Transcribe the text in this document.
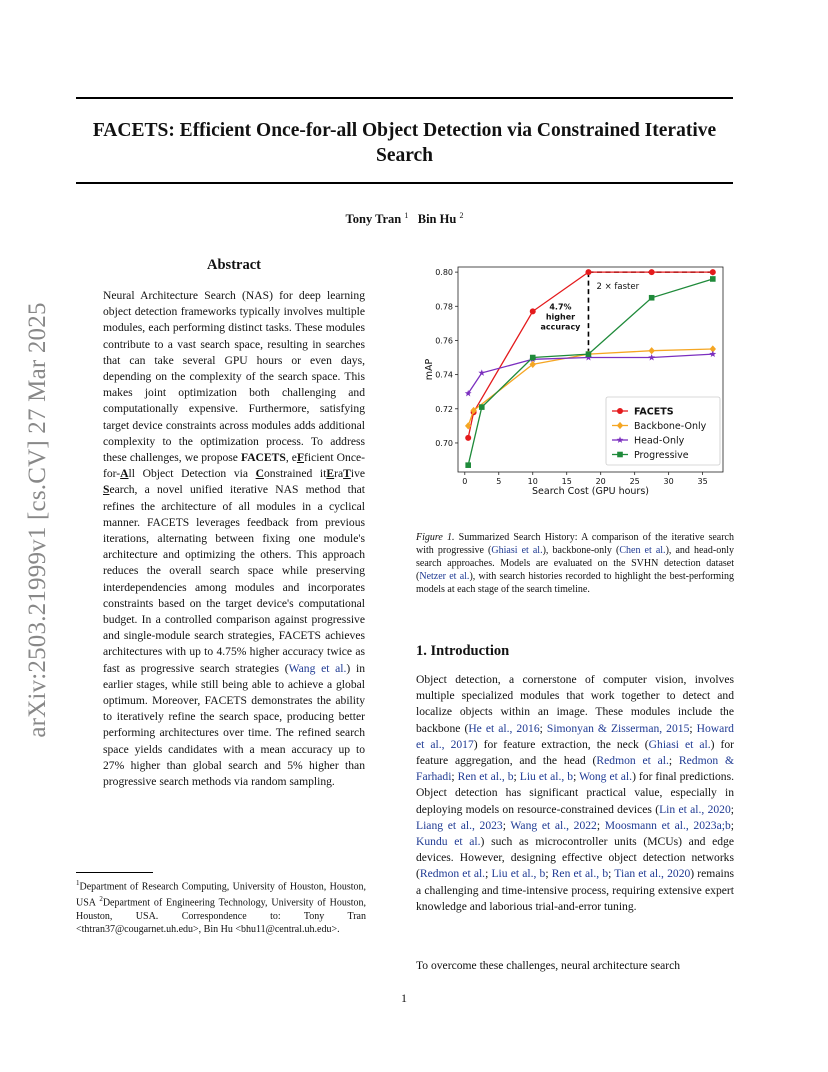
FACETS: Efficient Once-for-all Object Detection via Constrained Iterative Search
Tony Tran $^1$ Bin Hu $^2$
arXiv:2503.21999v1 [cs.CV] 27 Mar 2025
Abstract

Neural Architecture Search (NAS) for deep learning object detection frameworks typically involves multiple modules, each performing distinct tasks. These modules contribute to a vast search space, resulting in searches that can take several GPU hours or even days, depending on the complexity of the search space. This makes joint optimization both challenging and computationally expensive. Furthermore, satisfying target device constraints across modules adds additional complexity to the optimization process. To address these challenges, we propose FACETS, eFficient Once-for-All Object Detection via Constrained itEraTive Search, a novel unified iterative NAS method that refines the architecture of all modules in a cyclical manner. FACETS leverages feedback from previous iterations, alternating between fixing one module's architecture and optimizing the others. This approach reduces the overall search space while preserving interdependencies among modules and incorporates constraints based on the target device's computational budget. In a controlled comparison against progressive and single-module search strategies, FACETS achieves architectures with up to 4.75% higher accuracy twice as fast as progressive search strategies (Wang et al.) in earlier stages, while still being able to achieve a global optimum. Moreover, FACETS demonstrates the ability to iteratively refine the search space, producing better performing architectures over time. The refined search space yields candidates with a mean accuracy up to 27% higher than global search and 5% higher than progressive search methods via random sampling.

$^1$Department of Research Computing, University of Houston, Houston, USA $^2$Department of Engineering Technology, University of Houston, Houston, USA. Correspondence to: Tony Tran <thtran37@cougarnet.uh.edu>, Bin Hu <bhu11@central.uh.edu>.

0	5	10	15	20	25	30	35
0.70
0.72
0.74
0.76
0.78
0.80
Search Cost (GPU hours)
mAP
2 × faster
4.7%
higher
accuracy
FACETS
Backbone-Only
Head-Only
Progressive

Figure 1. Summarized Search History: A comparison of the iterative search with progressive (Ghiasi et al.), backbone-only (Chen et al.), and head-only search approaches. Models are evaluated on the SVHN detection dataset (Netzer et al.), with search histories recorded to highlight the best-performing models at each stage of the search timeline.

1. Introduction

Object detection, a cornerstone of computer vision, involves multiple specialized modules that work together to detect and localize objects within an image. These modules include the backbone (He et al., 2016; Simonyan & Zisserman, 2015; Howard et al., 2017) for feature extraction, the neck (Ghiasi et al.) for feature aggregation, and the head (Redmon et al.; Redmon & Farhadi; Ren et al., b; Liu et al., b; Wong et al.) for final predictions. Object detection has significant practical value, especially in deploying models on resource-constrained devices (Lin et al., 2020; Liang et al., 2023; Wang et al., 2022; Moosmann et al., 2023a;b; Kundu et al.) such as microcontroller units (MCUs) and edge devices. However, designing effective object detection networks (Redmon et al.; Liu et al., b; Ren et al., b; Tian et al., 2020) remains a challenging and time-intensive process, requiring extensive expert knowledge and laborious trial-and-error tuning.

To overcome these challenges, neural architecture search

1
